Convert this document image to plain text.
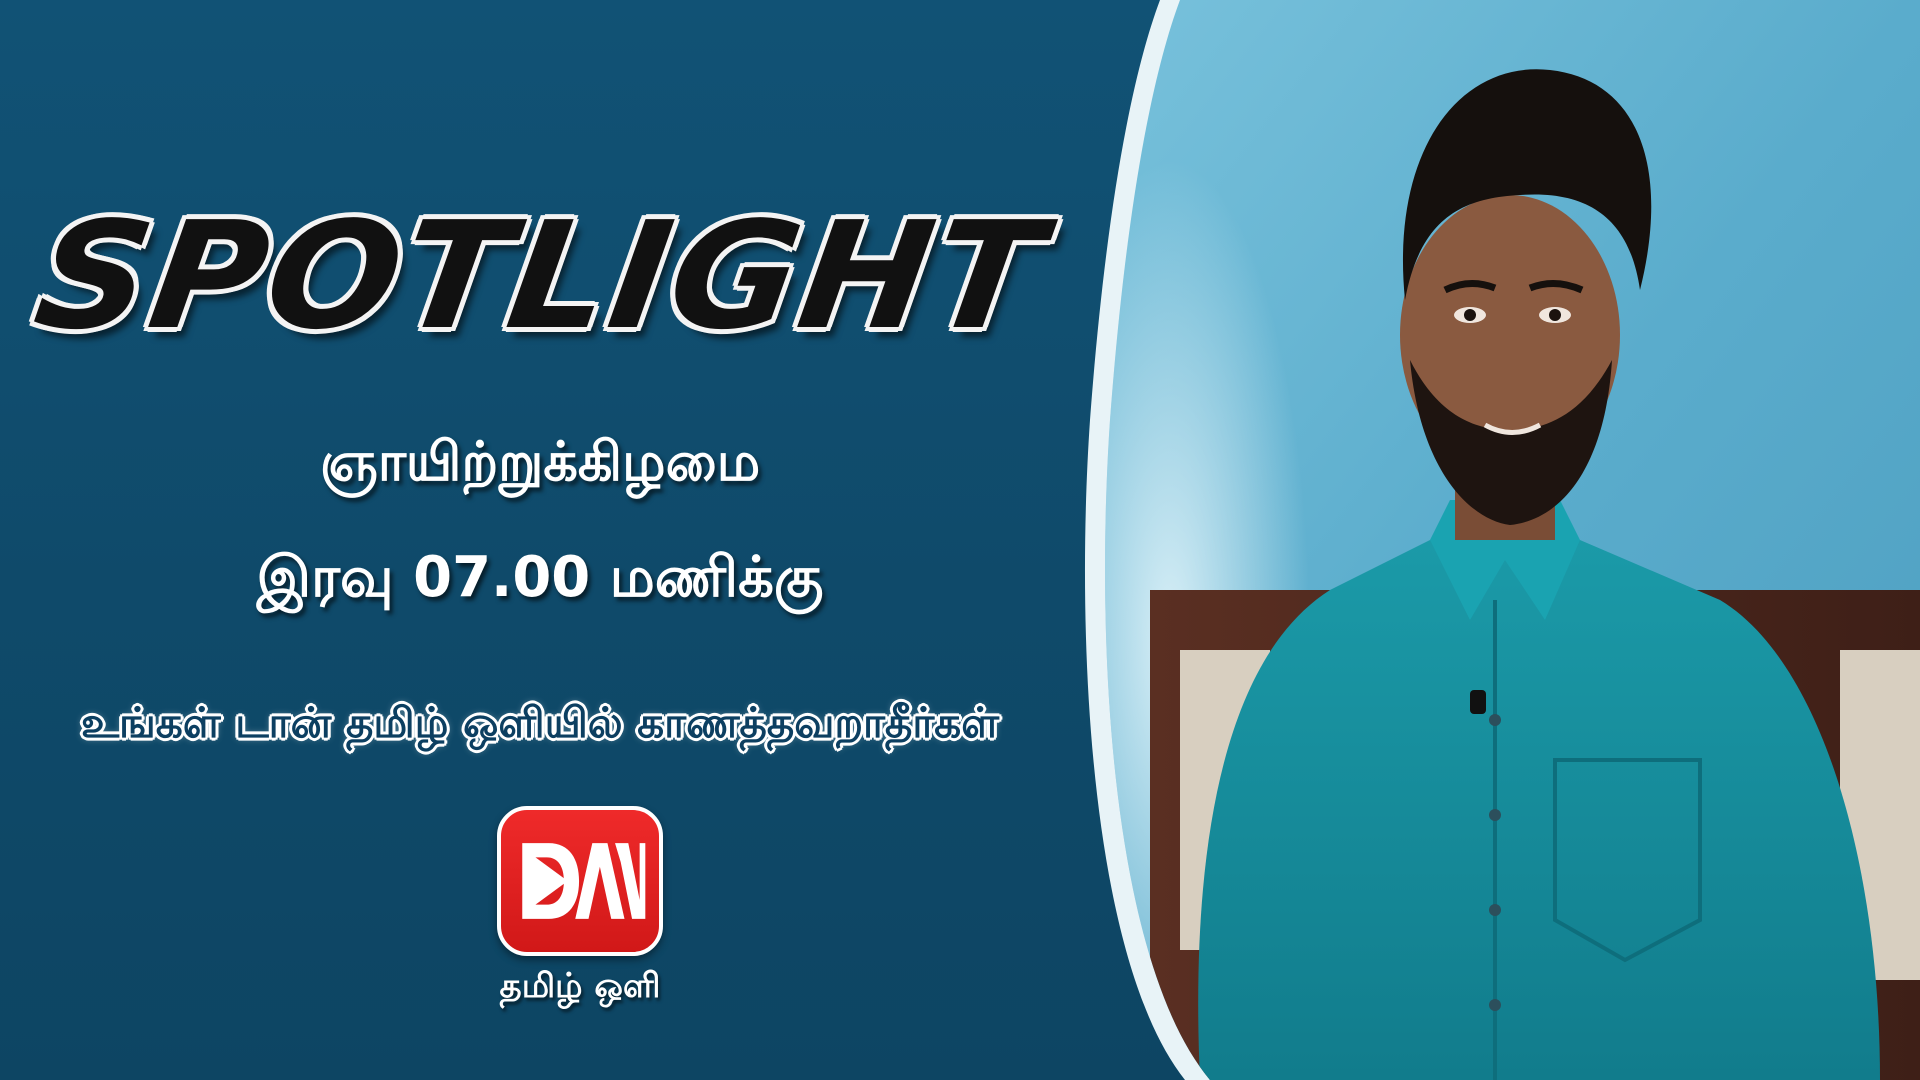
SPOTLIGHT
ஞாயிற்றுக்கிழமை
இரவு 07.00 மணிக்கு
உங்கள் டான் தமிழ் ஒளியில் காணத்தவறாதீர்கள்
தமிழ் ஒளி
